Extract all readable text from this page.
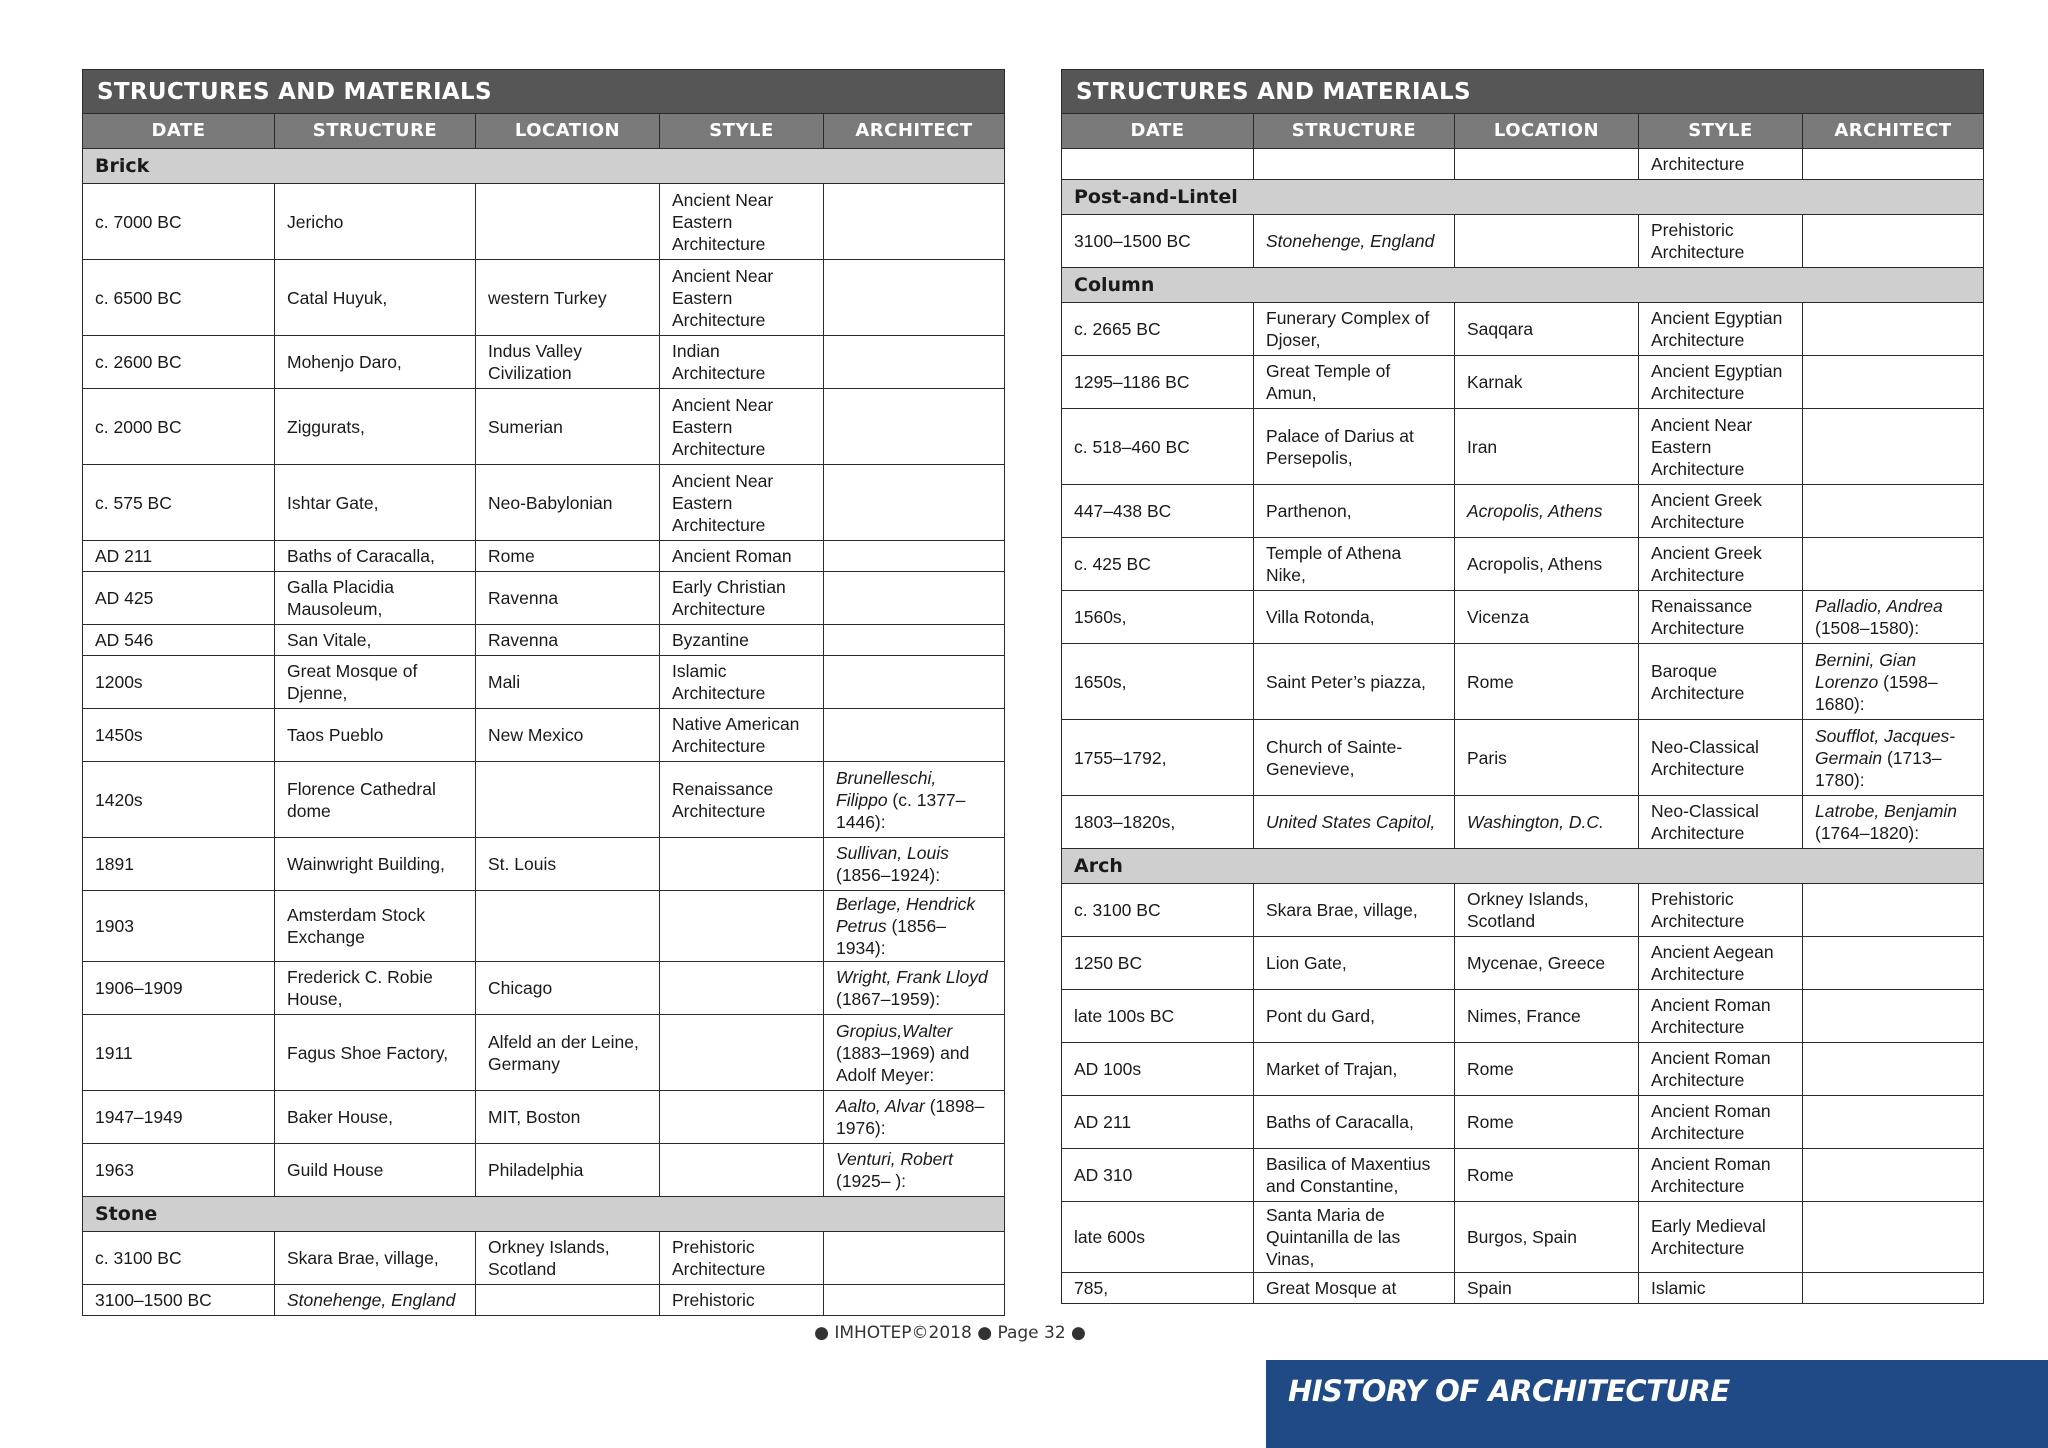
STRUCTURES AND MATERIALS				
DATE	STRUCTURE	LOCATION	STYLE	ARCHITECT
Brick				
c. 7000 BC	Jericho		Ancient Near Eastern Architecture	
c. 6500 BC	Catal Huyuk,	western Turkey	Ancient Near Eastern Architecture	
c. 2600 BC	Mohenjo Daro,	Indus Valley Civilization	Indian Architecture	
c. 2000 BC	Ziggurats,	Sumerian	Ancient Near Eastern Architecture	
c. 575 BC	Ishtar Gate,	Neo-Babylonian	Ancient Near Eastern Architecture	
AD 211	Baths of Caracalla,	Rome	Ancient Roman	
AD 425	Galla Placidia Mausoleum,	Ravenna	Early Christian Architecture	
AD 546	San Vitale,	Ravenna	Byzantine	
1200s	Great Mosque of Djenne,	Mali	Islamic Architecture	
1450s	Taos Pueblo	New Mexico	Native American Architecture	
1420s	Florence Cathedral dome		Renaissance Architecture	Brunelleschi, Filippo (c. 1377–1446):
1891	Wainwright Building,	St. Louis		Sullivan, Louis (1856–1924):
1903	Amsterdam Stock Exchange			Berlage, Hendrick Petrus (1856–1934):
1906–1909	Frederick C. Robie House,	Chicago		Wright, Frank Lloyd (1867–1959):
1911	Fagus Shoe Factory,	Alfeld an der Leine, Germany		Gropius,Walter (1883–1969) and Adolf Meyer:
1947–1949	Baker House,	MIT, Boston		Aalto, Alvar (1898–1976):
1963	Guild House	Philadelphia		Venturi, Robert (1925– ):
Stone				
c. 3100 BC	Skara Brae, village,	Orkney Islands, Scotland	Prehistoric Architecture	
3100–1500 BC	Stonehenge, England		Prehistoric	
STRUCTURES AND MATERIALS				
DATE	STRUCTURE	LOCATION	STYLE	ARCHITECT
			Architecture	
Post-and-Lintel				
3100–1500 BC	Stonehenge, England		Prehistoric Architecture	
Column				
c. 2665 BC	Funerary Complex of Djoser,	Saqqara	Ancient Egyptian Architecture	
1295–1186 BC	Great Temple of Amun,	Karnak	Ancient Egyptian Architecture	
c. 518–460 BC	Palace of Darius at Persepolis,	Iran	Ancient Near Eastern Architecture	
447–438 BC	Parthenon,	Acropolis, Athens	Ancient Greek Architecture	
c. 425 BC	Temple of Athena Nike,	Acropolis, Athens	Ancient Greek Architecture	
1560s,	Villa Rotonda,	Vicenza	Renaissance Architecture	Palladio, Andrea (1508–1580):
1650s,	Saint Peter’s piazza,	Rome	Baroque Architecture	Bernini, Gian Lorenzo (1598–1680):
1755–1792,	Church of Sainte-Genevieve,	Paris	Neo-Classical Architecture	Soufflot, Jacques-Germain (1713–1780):
1803–1820s,	United States Capitol,	Washington, D.C.	Neo-Classical Architecture	Latrobe, Benjamin (1764–1820):
Arch				
c. 3100 BC	Skara Brae, village,	Orkney Islands, Scotland	Prehistoric Architecture	
1250 BC	Lion Gate,	Mycenae, Greece	Ancient Aegean Architecture	
late 100s BC	Pont du Gard,	Nimes, France	Ancient Roman Architecture	
AD 100s	Market of Trajan,	Rome	Ancient Roman Architecture	
AD 211	Baths of Caracalla,	Rome	Ancient Roman Architecture	
AD 310	Basilica of Maxentius and Constantine,	Rome	Ancient Roman Architecture	
late 600s	Santa Maria de Quintanilla de las Vinas,	Burgos, Spain	Early Medieval Architecture	
785,	Great Mosque at	Spain	Islamic	
● IMHOTEP©2018 ● Page 32 ●
HISTORY OF ARCHITECTURE
